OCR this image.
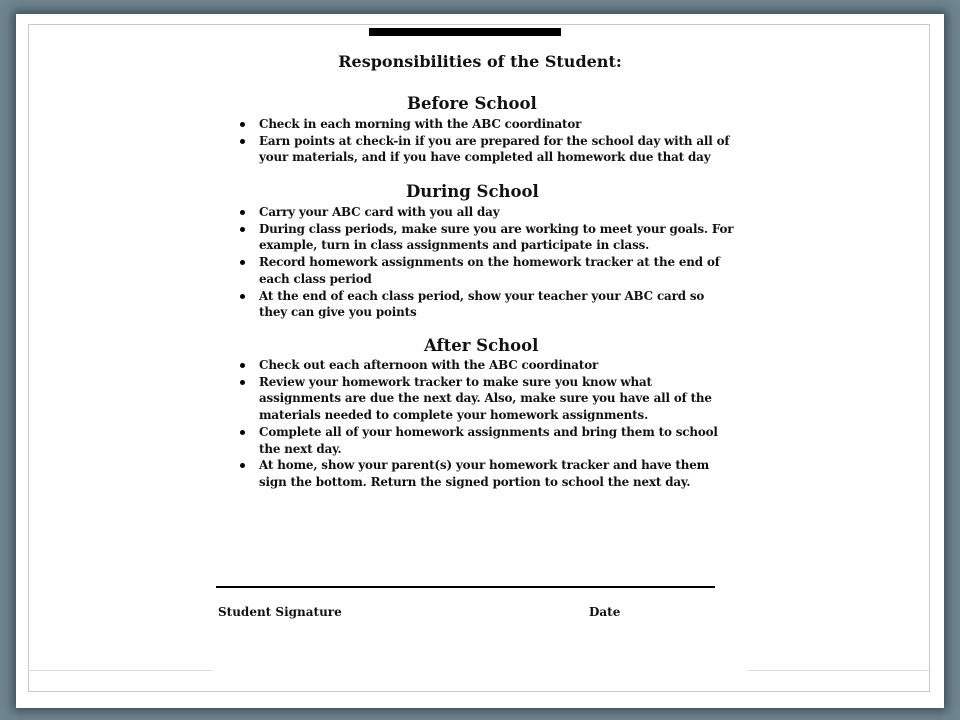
Responsibilities of the Student:
Before School
Check in each morning with the ABC coordinator
Earn points at check-in if you are prepared for the school day with all of your materials, and if you have completed all homework due that day
During School
Carry your ABC card with you all day
During class periods, make sure you are working to meet your goals. For example, turn in class assignments and participate in class.
Record homework assignments on the homework tracker at the end of each class period
At the end of each class period, show your teacher your ABC card so they can give you points
After School
Check out each afternoon with the ABC coordinator
Review your homework tracker to make sure you know what assignments are due the next day. Also, make sure you have all of the materials needed to complete your homework assignments.
Complete all of your homework assignments and bring them to school the next day.
At home, show your parent(s) your homework tracker and have them sign the bottom. Return the signed portion to school the next day.
Student Signature	Date
